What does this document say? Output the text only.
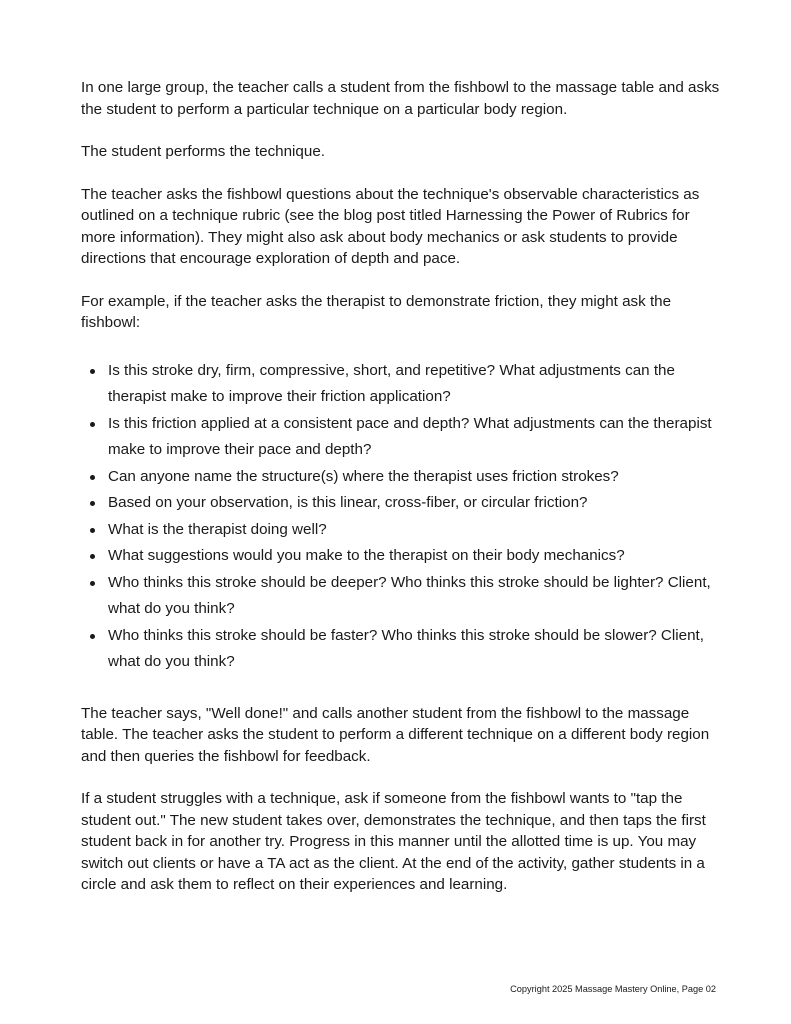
In one large group, the teacher calls a student from the fishbowl to the massage table and asks the student to perform a particular technique on a particular body region.

The student performs the technique.

The teacher asks the fishbowl questions about the technique's observable characteristics as outlined on a technique rubric (see the blog post titled Harnessing the Power of Rubrics for more information). They might also ask about body mechanics or ask students to provide directions that encourage exploration of depth and pace.

For example, if the teacher asks the therapist to demonstrate friction, they might ask the fishbowl:

Is this stroke dry, firm, compressive, short, and repetitive? What adjustments can the therapist make to improve their friction application?
Is this friction applied at a consistent pace and depth? What adjustments can the therapist make to improve their pace and depth?
Can anyone name the structure(s) where the therapist uses friction strokes?
Based on your observation, is this linear, cross-fiber, or circular friction?
What is the therapist doing well?
What suggestions would you make to the therapist on their body mechanics?
Who thinks this stroke should be deeper? Who thinks this stroke should be lighter? Client, what do you think?
Who thinks this stroke should be faster? Who thinks this stroke should be slower? Client, what do you think?

The teacher says, "Well done!" and calls another student from the fishbowl to the massage table. The teacher asks the student to perform a different technique on a different body region and then queries the fishbowl for feedback.

If a student struggles with a technique, ask if someone from the fishbowl wants to "tap the student out." The new student takes over, demonstrates the technique, and then taps the first student back in for another try. Progress in this manner until the allotted time is up. You may switch out clients or have a TA act as the client. At the end of the activity, gather students in a circle and ask them to reflect on their experiences and learning.

Copyright 2025 Massage Mastery Online, Page 02
